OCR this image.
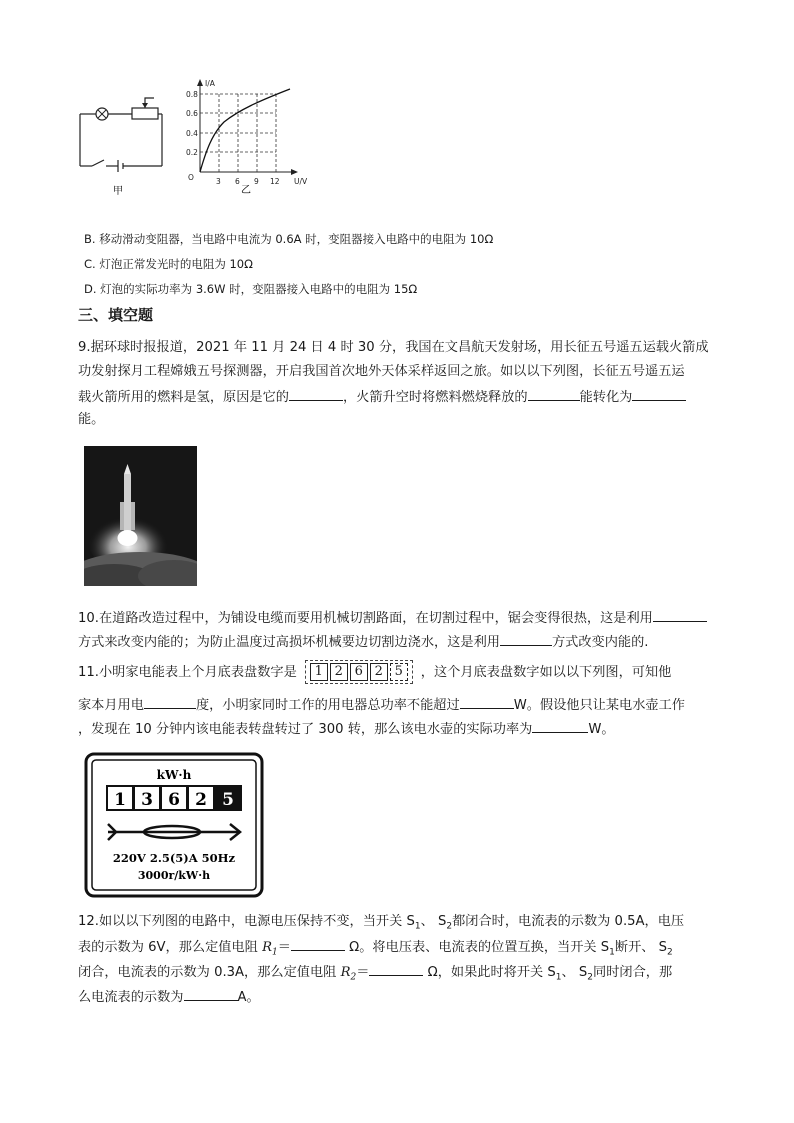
甲
I/A
U/V
O
0.8
0.6
0.4
0.2
3 6 9 12
乙
B. 移动滑动变阻器，当电路中电流为 0.6A 时，变阻器接入电路中的电阻为 10Ω
C. 灯泡正常发光时的电阻为 10Ω
D. 灯泡的实际功率为 3.6W 时，变阻器接入电路中的电阻为 15Ω
三、填空题
9.据环球时报报道，2021 年 11 月 24 日 4 时 30 分，我国在文昌航天发射场，用长征五号遥五运载火箭成
功发射探月工程嫦娥五号探测器，开启我国首次地外天体采样返回之旅。如以以下列图，长征五号遥五运
载火箭所用的燃料是氢，原因是它的	，火箭升空时将燃料燃烧释放的	能转化为
能。
10.在道路改造过程中，为铺设电缆而要用机械切割路面，在切割过程中，锯会变得很热，这是利用
方式来改变内能的；为防止温度过高损坏机械要边切割边浇水，这是利用	方式改变内能的.
11.小明家电能表上个月底表盘数字是 1 2 6 2 5 ，这个月底表盘数字如以以下列图，可知他
家本月用电	度，小明家同时工作的用电器总功率不能超过	W。假设他只让某电水壶工作
，发现在 10 分钟内该电能表转盘转过了 300 转，那么该电水壶的实际功率为	W。
kW·h
1 3 6 2 5
220V 2.5(5)A 50Hz
3000r/kW·h
12.如以以下列图的电路中，电源电压保持不变，当开关 $S_1$、 $S_2$都闭合时，电流表的示数为 0.5A，电压
表的示数为 6V，那么定值电阻 $R_1=$	Ω。将电压表、电流表的位置互换，当开关 $S_1$断开、 $S_2$
闭合，电流表的示数为 0.3A，那么定值电阻 $R_2=$	Ω，如果此时将开关 $S_1$、 $S_2$同时闭合，那
么电流表的示数为	A。
